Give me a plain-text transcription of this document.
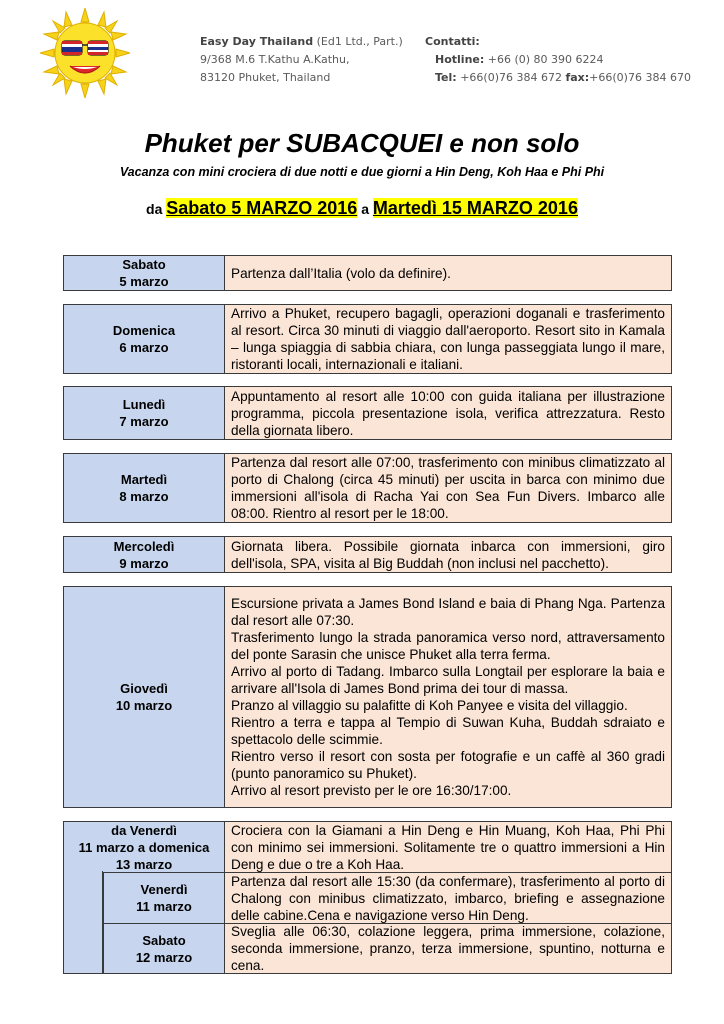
Easy Day Thailand (Ed1 Ltd., Part.)
9/368 M.6 T.Kathu A.Kathu,
83120 Phuket, Thailand
Contatti:
Hotline: +66 (0) 80 390 6224
Tel: +66(0)76 384 672 fax:+66(0)76 384 670
Phuket per SUBACQUEI e non solo
Vacanza con mini crociera di due notti e due giorni a Hin Deng, Koh Haa e Phi Phi
da Sabato 5 MARZO 2016 a Martedì 15 MARZO 2016
Sabato
5 marzo
Partenza dall’Italia (volo da definire).
Domenica
6 marzo
Arrivo a Phuket, recupero bagagli, operazioni doganali e trasferimento al resort. Circa 30 minuti di viaggio dall'aeroporto. Resort sito in Kamala – lunga spiaggia di sabbia chiara, con lunga passeggiata lungo il mare, ristoranti locali, internazionali e italiani.
Lunedì
7 marzo
Appuntamento al resort alle 10:00 con guida italiana per illustrazione programma, piccola presentazione isola, verifica attrezzatura. Resto della giornata libero.
Martedì
8 marzo
Partenza dal resort alle 07:00, trasferimento con minibus climatizzato al porto di Chalong (circa 45 minuti) per uscita in barca con minimo due immersioni all'isola di Racha Yai con Sea Fun Divers. Imbarco alle 08:00. Rientro al resort per le 18:00.
Mercoledì
9 marzo
Giornata libera. Possibile giornata inbarca con immersioni, giro dell'isola, SPA, visita al Big Buddah (non inclusi nel pacchetto).
Giovedì
10 marzo
Escursione privata a James Bond Island e baia di Phang Nga. Partenza dal resort alle 07:30.
Trasferimento lungo la strada panoramica verso nord, attraversamento del ponte Sarasin che unisce Phuket alla terra ferma.
Arrivo al porto di Tadang. Imbarco sulla Longtail per esplorare la baia e arrivare all'Isola di James Bond prima dei tour di massa.
Pranzo al villaggio su palafitte di Koh Panyee e visita del villaggio.
Rientro a terra e tappa al Tempio di Suwan Kuha, Buddah sdraiato e spettacolo delle scimmie.
Rientro verso il resort con sosta per fotografie e un caffè al 360 gradi (punto panoramico su Phuket).
Arrivo al resort previsto per le ore 16:30/17:00.
da Venerdì
11 marzo a domenica
13 marzo
Crociera con la Giamani a Hin Deng e Hin Muang, Koh Haa, Phi Phi con minimo sei immersioni. Solitamente tre o quattro immersioni a Hin Deng e due o tre a Koh Haa.
Venerdì
11 marzo
Partenza dal resort alle 15:30 (da confermare), trasferimento al porto di Chalong con minibus climatizzato, imbarco, briefing e assegnazione delle cabine.Cena e navigazione verso Hin Deng.
Sabato
12 marzo
Sveglia alle 06:30, colazione leggera, prima immersione, colazione, seconda immersione, pranzo, terza immersione, spuntino, notturna e cena.
